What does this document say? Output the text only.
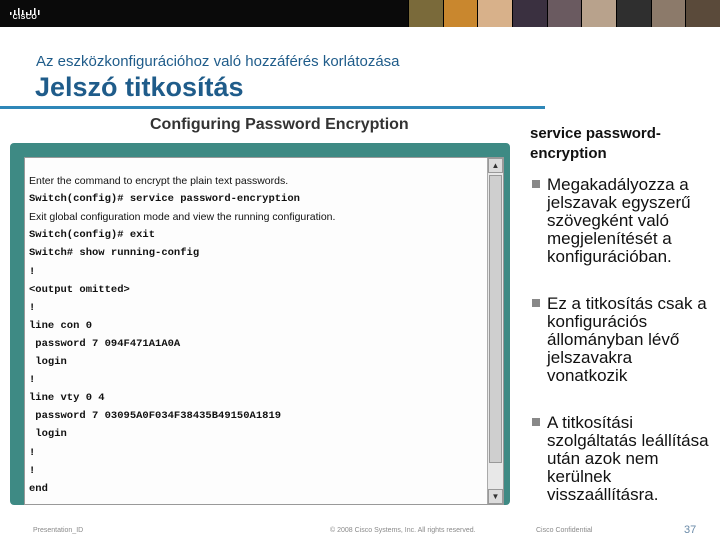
CISCO
Az eszközkonfigurációhoz való hozzáférés korlátozása
Jelszó titkosítás
Configuring Password Encryption
▲
▼
Enter the command to encrypt the plain text passwords.
Switch(config)# service password-encryption
Exit global configuration mode and view the running configuration.
Switch(config)# exit
Switch# show running-config
!
<output omitted>
!
line con 0
password 7 094F471A1A0A
login
!
line vty 0 4
password 7 03095A0F034F38435B49150A1819
login
!
!
end
service password-encryption
Megakadályozza a jelszavak egyszerű szövegként való megjelenítését a konfigurációban.
Ez a titkosítás csak a konfigurációs állományban lévő jelszavakra vonatkozik
A titkosítási szolgáltatás leállítása után azok nem kerülnek visszaállításra.
Presentation_ID	© 2008 Cisco Systems, Inc. All rights reserved.	Cisco Confidential	37
